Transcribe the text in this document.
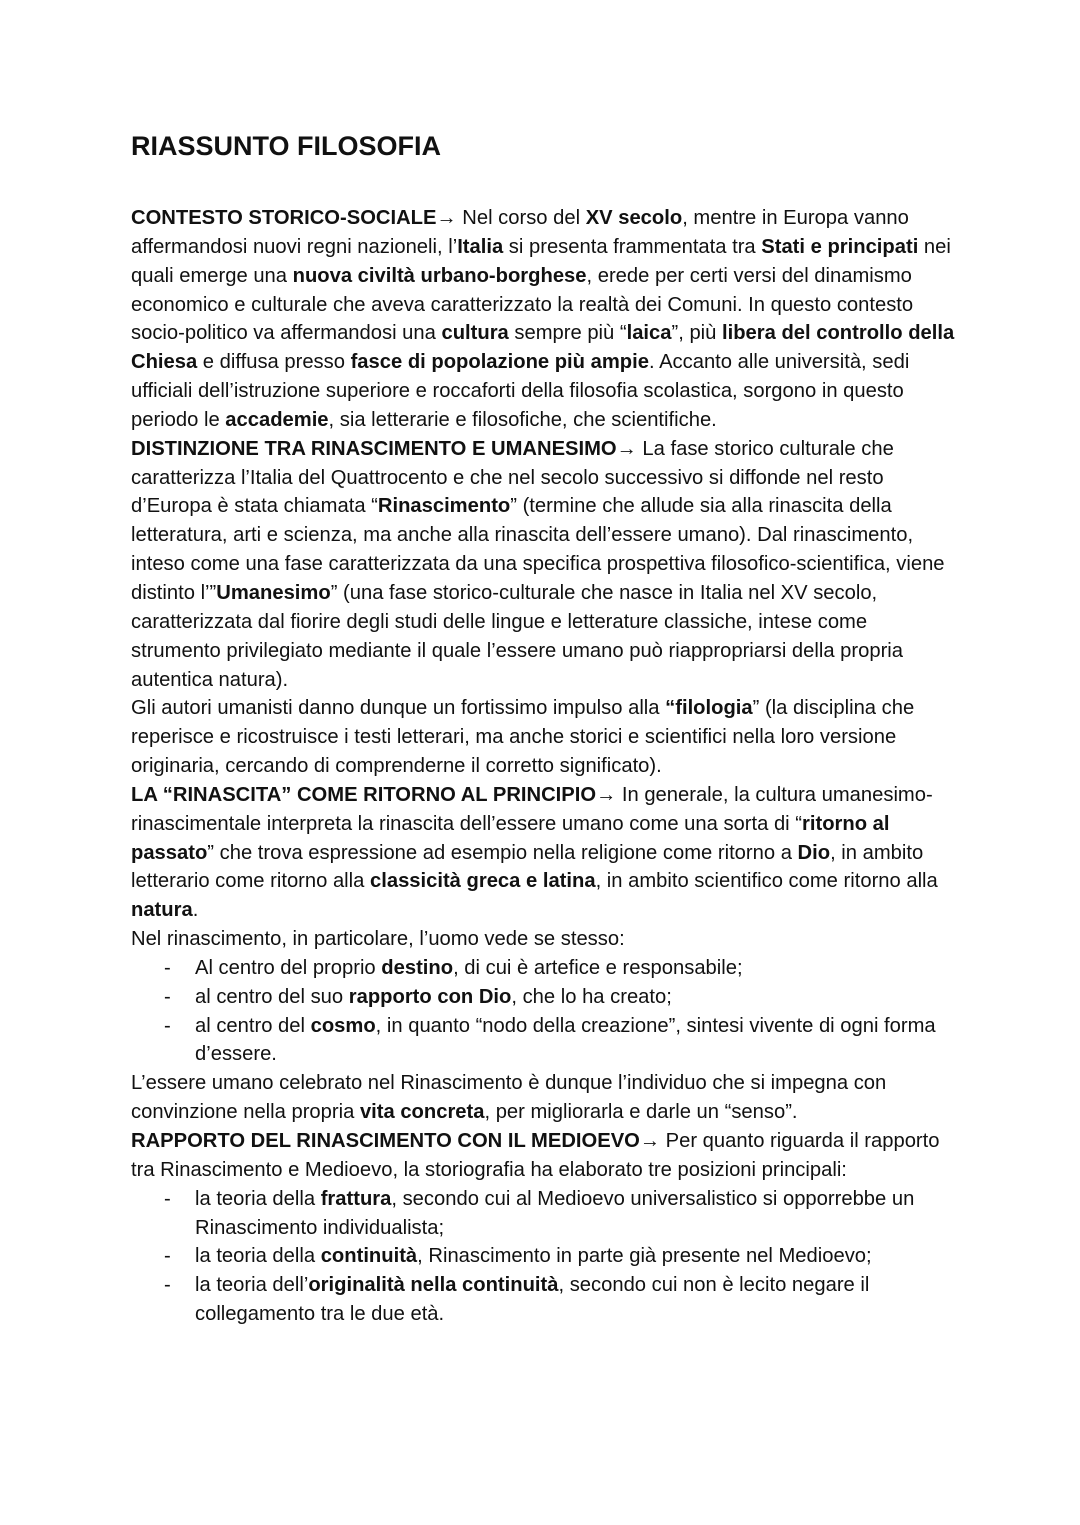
RIASSUNTO FILOSOFIA

CONTESTO STORICO-SOCIALE→ Nel corso del XV secolo, mentre in Europa vanno affermandosi nuovi regni nazioneli, l’Italia si presenta frammentata tra Stati e principati nei quali emerge una nuova civiltà urbano-borghese, erede per certi versi del dinamismo economico e culturale che aveva caratterizzato la realtà dei Comuni. In questo contesto socio-politico va affermandosi una cultura sempre più “laica”, più libera del controllo della Chiesa e diffusa presso fasce di popolazione più ampie. Accanto alle università, sedi ufficiali dell’istruzione superiore e roccaforti della filosofia scolastica, sorgono in questo periodo le accademie, sia letterarie e filosofiche, che scientifiche.

DISTINZIONE TRA RINASCIMENTO E UMANESIMO→ La fase storico culturale che caratterizza l’Italia del Quattrocento e che nel secolo successivo si diffonde nel resto d’Europa è stata chiamata “Rinascimento” (termine che allude sia alla rinascita della letteratura, arti e scienza, ma anche alla rinascita dell’essere umano). Dal rinascimento, inteso come una fase caratterizzata da una specifica prospettiva filosofico-scientifica, viene distinto l’”Umanesimo” (una fase storico-culturale che nasce in Italia nel XV secolo, caratterizzata dal fiorire degli studi delle lingue e letterature classiche, intese come strumento privilegiato mediante il quale l’essere umano può riappropriarsi della propria autentica natura).

Gli autori umanisti danno dunque un fortissimo impulso alla “filologia” (la disciplina che reperisce e ricostruisce i testi letterari, ma anche storici e scientifici nella loro versione originaria, cercando di comprenderne il corretto significato).

LA “RINASCITA” COME RITORNO AL PRINCIPIO→ In generale, la cultura umanesimo-rinascimentale interpreta la rinascita dell’essere umano come una sorta di “ritorno al passato” che trova espressione ad esempio nella religione come ritorno a Dio, in ambito letterario come ritorno alla classicità greca e latina, in ambito scientifico come ritorno alla natura.

Nel rinascimento, in particolare, l’uomo vede se stesso:

- Al centro del proprio destino, di cui è artefice e responsabile;
- al centro del suo rapporto con Dio, che lo ha creato;
- al centro del cosmo, in quanto “nodo della creazione”, sintesi vivente di ogni forma d’essere.

L’essere umano celebrato nel Rinascimento è dunque l’individuo che si impegna con convinzione nella propria vita concreta, per migliorarla e darle un “senso”.

RAPPORTO DEL RINASCIMENTO CON IL MEDIOEVO→ Per quanto riguarda il rapporto tra Rinascimento e Medioevo, la storiografia ha elaborato tre posizioni principali:

- la teoria della frattura, secondo cui al Medioevo universalistico si opporrebbe un Rinascimento individualista;
- la teoria della continuità, Rinascimento in parte già presente nel Medioevo;
- la teoria dell’originalità nella continuità, secondo cui non è lecito negare il collegamento tra le due età.
